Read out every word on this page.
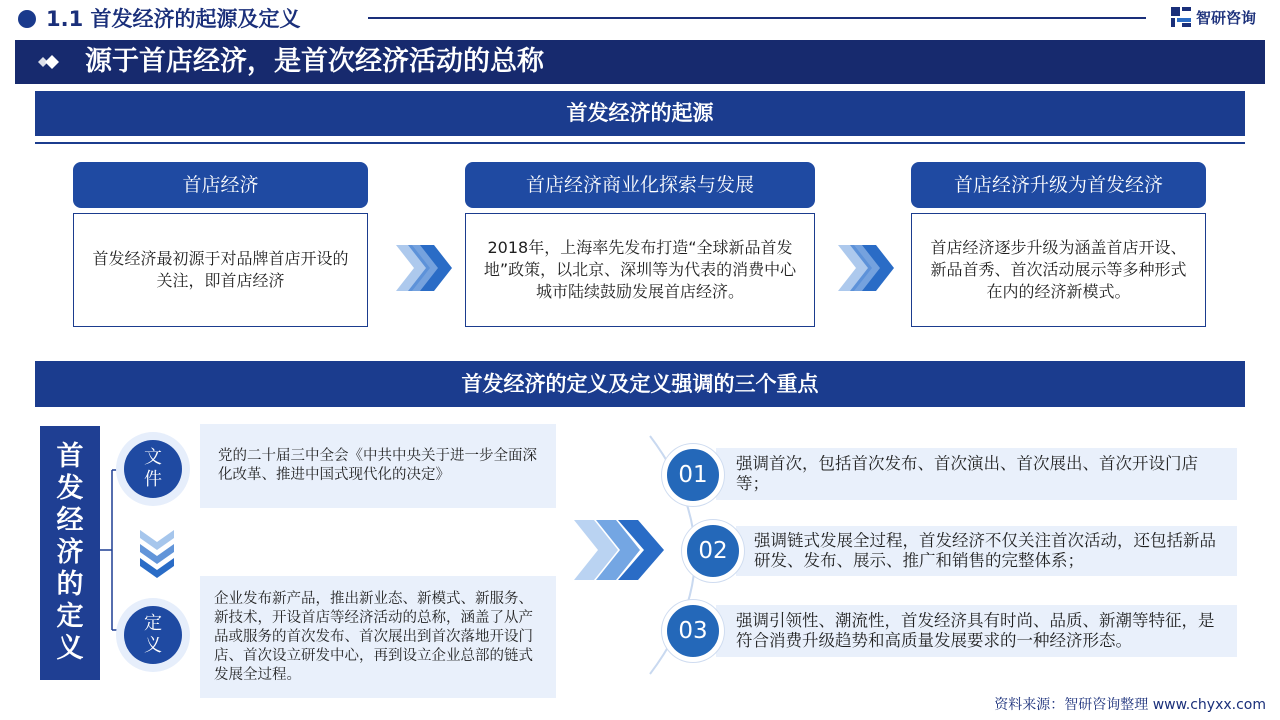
1.1 首发经济的起源及定义	智研咨询
源于首店经济，是首次经济活动的总称
首发经济的起源
首店经济
首发经济最初源于对品牌首店开设的关注，即首店经济
首店经济商业化探索与发展
2018年，上海率先发布打造“全球新品首发地”政策，以北京、深圳等为代表的消费中心城市陆续鼓励发展首店经济。
首店经济升级为首发经济
首店经济逐步升级为涵盖首店开设、新品首秀、首次活动展示等多种形式在内的经济新模式。
首发经济的定义及定义强调的三个重点
首
发
经
济
的
定
义
党的二十届三中全会《中共中央关于进一步全面深化改革、推进中国式现代化的决定》
文
件
企业发布新产品，推出新业态、新模式、新服务、新技术，开设首店等经济活动的总称，涵盖了从产品或服务的首次发布、首次展出到首次落地开设门店、首次设立研发中心，再到设立企业总部的链式发展全过程。
定
义
强调首次，包括首次发布、首次演出、首次展出、首次开设门店等；
01
强调链式发展全过程，首发经济不仅关注首次活动，还包括新品研发、发布、展示、推广和销售的完整体系；
02
强调引领性、潮流性，首发经济具有时尚、品质、新潮等特征，是符合消费升级趋势和高质量发展要求的一种经济形态。
03
资料来源：智研咨询整理 www.chyxx.com
